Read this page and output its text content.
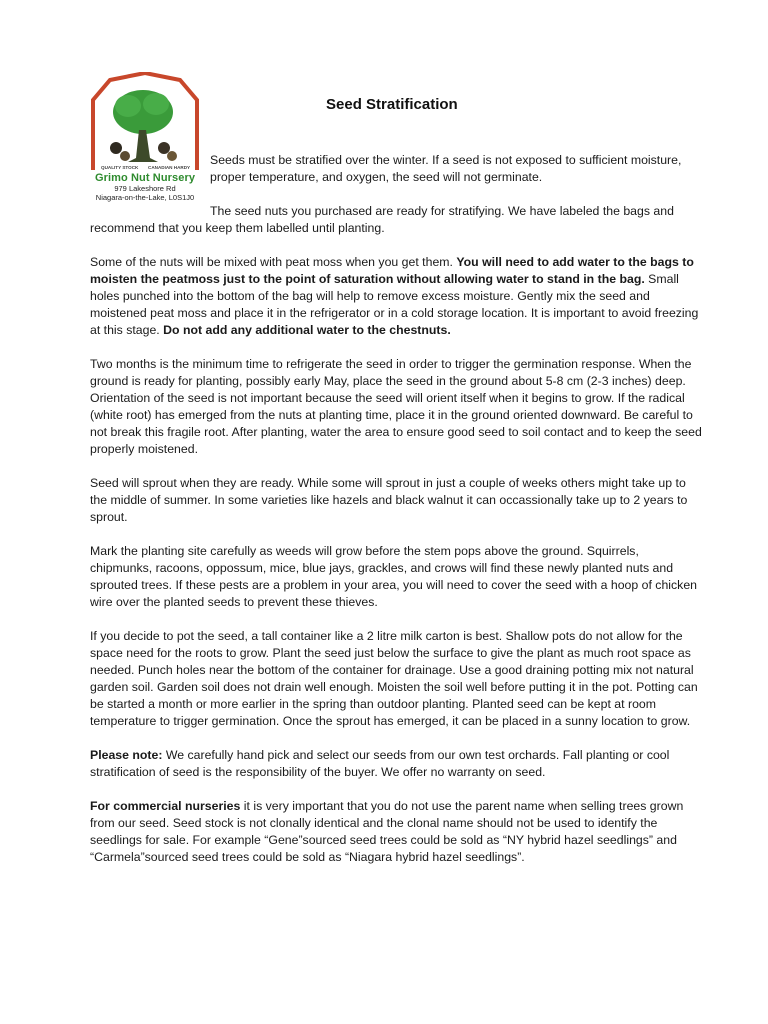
QUALITY STOCK CANADIAN HARDY
Grimo Nut Nursery
979 Lakeshore Rd
Niagara-on-the-Lake, L0S1J0
Seed Stratification

Seeds must be stratified over the winter. If a seed is not exposed to sufficient moisture, proper temperature, and oxygen, the seed will not germinate.

The seed nuts you purchased are ready for stratifying. We have labeled the bags and recommend that you keep them labelled until planting.

Some of the nuts will be mixed with peat moss when you get them. You will need to add water to the bags to moisten the peatmoss just to the point of saturation without allowing water to stand in the bag. Small holes punched into the bottom of the bag will help to remove excess moisture. Gently mix the seed and moistened peat moss and place it in the refrigerator or in a cold storage location. It is important to avoid freezing at this stage. Do not add any additional water to the chestnuts.

Two months is the minimum time to refrigerate the seed in order to trigger the germination response. When the ground is ready for planting, possibly early May, place the seed in the ground about 5-8 cm (2-3 inches) deep. Orientation of the seed is not important because the seed will orient itself when it begins to grow. If the radical (white root) has emerged from the nuts at planting time, place it in the ground oriented downward. Be careful to not break this fragile root. After planting, water the area to ensure good seed to soil contact and to keep the seed properly moistened.

Seed will sprout when they are ready. While some will sprout in just a couple of weeks others might take up to the middle of summer. In some varieties like hazels and black walnut it can occassionally take up to 2 years to sprout.

Mark the planting site carefully as weeds will grow before the stem pops above the ground. Squirrels, chipmunks, racoons, oppossum, mice, blue jays, grackles, and crows will find these newly planted nuts and sprouted trees. If these pests are a problem in your area, you will need to cover the seed with a hoop of chicken wire over the planted seeds to prevent these thieves.

If you decide to pot the seed, a tall container like a 2 litre milk carton is best. Shallow pots do not allow for the space need for the roots to grow. Plant the seed just below the surface to give the plant as much root space as needed. Punch holes near the bottom of the container for drainage. Use a good draining potting mix not natural garden soil. Garden soil does not drain well enough. Moisten the soil well before putting it in the pot. Potting can be started a month or more earlier in the spring than outdoor planting. Planted seed can be kept at room temperature to trigger germination. Once the sprout has emerged, it can be placed in a sunny location to grow.

Please note: We carefully hand pick and select our seeds from our own test orchards. Fall planting or cool stratification of seed is the responsibility of the buyer. We offer no warranty on seed.

For commercial nurseries it is very important that you do not use the parent name when selling trees grown from our seed. Seed stock is not clonally identical and the clonal name should not be used to identify the seedlings for sale. For example “Gene”sourced seed trees could be sold as “NY hybrid hazel seedlings” and “Carmela”sourced seed trees could be sold as “Niagara hybrid hazel seedlings”.
